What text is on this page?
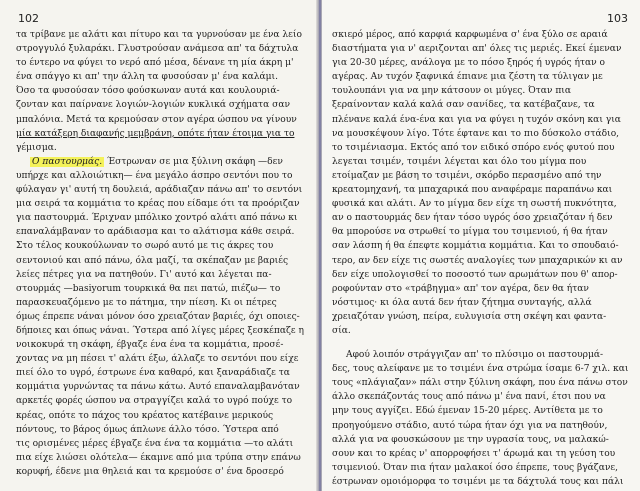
102
τα τρίβανε με αλάτι και πίτυρο και τα γυρνούσαν με ένα λείο
στρογγυλό ξυλαράκι. Γλυστρούσαν ανάμεσα απ' τα δάχτυλα
το έντερο να φύγει το νερό από μέσα, δένανε τη μία άκρη μ'
ένα σπάγγο κι απ' την άλλη τα φυσούσαν μ' ένα καλάμι.
Όσο τα φυσούσαν τόσο φούσκωναν αυτά και κουλουριά-
ζονταν και παίρνανε λογιών-λογιών κυκλικά σχήματα σαν
μπαλόνια. Μετά τα κρεμούσαν στον αγέρα ώσπου να γίνουν
μία κατάξερη διαφανής μεμβράνη, οπότε ήταν έτοιμα για το
γέμισμα.
Ο παστουρμάς. Έστρωναν σε μια ξύλινη σκάφη —δεν
υπήρχε και αλλοιώτικη— ένα μεγάλο άσπρο σεντόνι που το
φύλαγαν γι' αυτή τη δουλειά, αράδιαζαν πάνω απ' το σεντόνι
μια σειρά τα κομμάτια το κρέας που είδαμε ότι τα προόριζαν
για παστουρμά. Έριχναν μπόλικο χοντρό αλάτι από πάνω κι
επαναλάμβαναν το αράδιασμα και το αλάτισμα κάθε σειρά.
Στο τέλος κουκούλωναν το σωρό αυτό με τις άκρες του
σεντονιού και από πάνω, όλα μαζί, τα σκέπαζαν με βαριές
λείες πέτρες για να πατηθούν. Γι' αυτό και λέγεται πα-
στουρμάς —basiyorum τουρκικά θα πει πατώ, πιέζω— το
παρασκευαζόμενο με το πάτημα, την πίεση. Κι οι πέτρες
όμως έπρεπε νάναι μόνον όσο χρειαζόταν βαριές, όχι οποιες-
δήποιες και όπως νάναι. Ύστερα από λίγες μέρες ξεσκέπαζε η
νοικοκυρά τη σκάφη, έβγαζε ένα ένα τα κομμάτια, προσέ-
χοντας να μη πέσει τ' αλάτι έξω, άλλαζε το σεντόνι που είχε
πιεί όλο το υγρό, έστρωνε ένα καθαρό, και ξαναράδιαζε τα
κομμάτια γυρνώντας τα πάνω κάτω. Αυτό επαναλαμβανόταν
αρκετές φορές ώσπου να στραγγίζει καλά το υγρό πούχε το
κρέας, οπότε το πάχος του κρέατος κατέβαινε μερικούς
πόντους, το βάρος όμως άπλωνε άλλο τόσο. Ύστερα από
τις ορισμένες μέρες έβγαζε ένα ένα τα κομμάτια —το αλάτι
πια είχε λιώσει ολότελα— έκαμνε από μια τρύπα στην επάνω
κορυφή, έδενε μια θηλειά και τα κρεμούσε σ' ένα δροσερό
103
σκιερό μέρος, από καρφιά καρφωμένα σ' ένα ξύλο σε αραιά
διαστήματα για ν' αεριζονται απ' όλες τις μεριές. Εκεί έμεναν
για 20-30 μέρες, ανάλογα με το πόσο ξηρός ή υγρός ήταν ο
αγέρας. Αν τυχόν ξαφνικά έπιανε μια ζέστη τα τύλιγαν με
τουλουπάνι για να μην κάτσουν οι μύγες. Όταν πια
ξεραίνονταν καλά καλά σαν σανίδες, τα κατέβαζανε, τα
πλένανε καλά ένα-ένα και για να φύγει η τυχόν σκόνη και για
να μουσκέψουν λίγο. Τότε έφτανε και το πιο δύσκολο στάδιο,
το τσιμένιασμα. Εκτός από τον ειδικό σπόρο ενός φυτού που
λεγεται τσιμέν, τσιμένι λέγεται και όλο του μίγμα που
ετοίμαζαν με βάση το τσιμένι, σκόρδο περασμένο από την
κρεατομηχανή, τα μπαχαρικά που αναφέραμε παραπάνω και
φυσικά και αλάτι. Αν το μίγμα δεν είχε τη σωστή πυκνότητα,
αν ο παστουρμάς δεν ήταν τόσο υγρός όσο χρειαζόταν ή δεν
θα μπορούσε να στρωθεί το μίγμα του τσιμενιού, ή θα ήταν
σαν λάσπη ή θα έπεφτε κομμάτια κομμάτια. Και το σπουδαιό-
τερο, αν δεν είχε τις σωστές αναλογίες των μπαχαρικών κι αν
δεν είχε υπολογισθεί το ποσοστό των αρωμάτων που θ' απορ-
ροφούνταν στο «τράβηγμα» απ' τον αγέρα, δεν θα ήταν
νόστιμος· κι όλα αυτά δεν ήταν ζήτημα συνταγής, αλλά
χρειαζόταν γνώση, πείρα, ευλυγισία στη σκέψη και φαντα-
σία.
Αφού λοιπόν στράγγιζαν απ' το πλύσιμο οι παστουρμά-
δες, τους αλείφανε με το τσιμένι ένα στρώμα ίσαμε 6-7 χιλ. και
τους «πλάγιαζαν» πάλι στην ξύλινη σκάφη, που ένα πάνω στον
άλλο σκεπάζοντάς τους από πάνω μ' ένα πανί, έτσι που να
μην τους αγγίζει. Εδώ έμεναν 15-20 μέρες. Αντίθετα με το
προηγούμενο στάδιο, αυτό τώρα ήταν όχι για να πατηθούν,
αλλά για να φουσκώσουν με την υγρασία τους, να μαλακώ-
σουν και το κρέας ν' απορροφήσει τ' άρωμά και τη γεύση του
τσιμενιού. Όταν πια ήταν μαλακοί όσο έπρεπε, τους βγάζανε,
έστρωναν ομοιόμορφα το τσιμένι με τα δάχτυλά τους και πάλι
